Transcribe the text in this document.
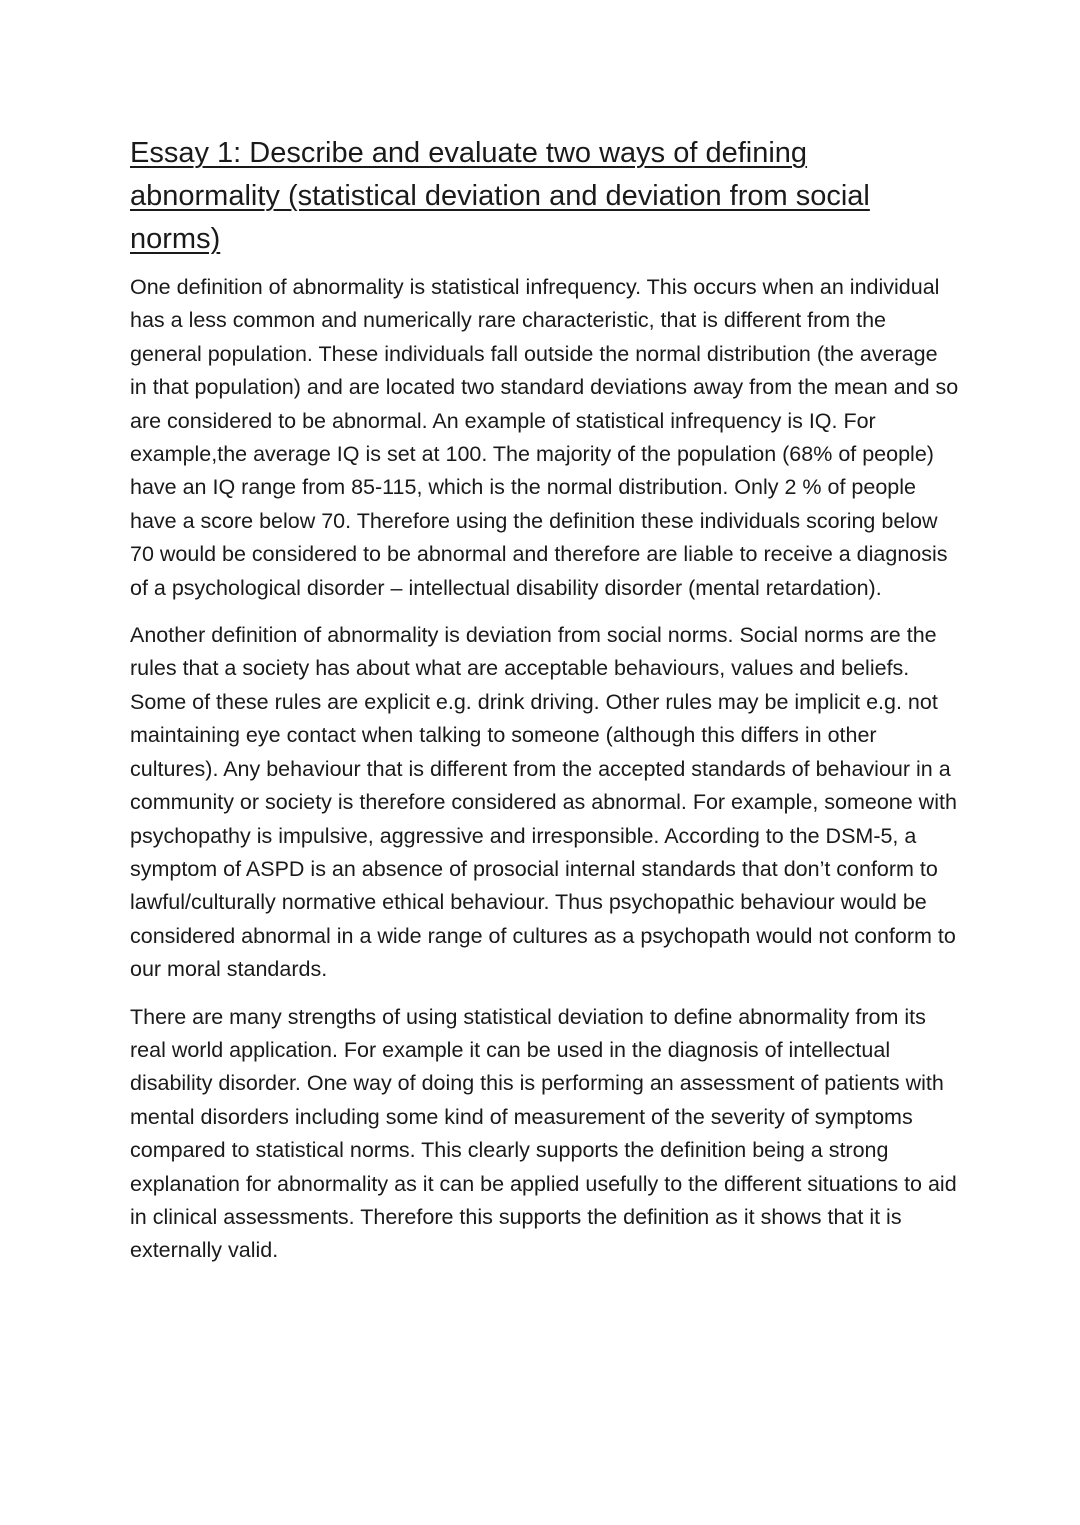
Essay 1: Describe and evaluate two ways of defining abnormality (statistical deviation and deviation from social norms)

One definition of abnormality is statistical infrequency. This occurs when an individual has a less common and numerically rare characteristic, that is different from the general population. These individuals fall outside the normal distribution (the average in that population) and are located two standard deviations away from the mean and so are considered to be abnormal. An example of statistical infrequency is IQ. For example,the average IQ is set at 100. The majority of the population (68% of people) have an IQ range from 85-115, which is the normal distribution. Only 2 % of people have a score below 70. Therefore using the definition these individuals scoring below 70 would be considered to be abnormal and therefore are liable to receive a diagnosis of a psychological disorder – intellectual disability disorder (mental retardation).

Another definition of abnormality is deviation from social norms. Social norms are the rules that a society has about what are acceptable behaviours, values and beliefs. Some of these rules are explicit e.g. drink driving. Other rules may be implicit e.g. not maintaining eye contact when talking to someone (although this differs in other cultures). Any behaviour that is different from the accepted standards of behaviour in a community or society is therefore considered as abnormal. For example, someone with psychopathy is impulsive, aggressive and irresponsible. According to the DSM-5, a symptom of ASPD is an absence of prosocial internal standards that don’t conform to lawful/culturally normative ethical behaviour. Thus psychopathic behaviour would be considered abnormal in a wide range of cultures as a psychopath would not conform to our moral standards.

There are many strengths of using statistical deviation to define abnormality from its real world application. For example it can be used in the diagnosis of intellectual disability disorder. One way of doing this is performing an assessment of patients with mental disorders including some kind of measurement of the severity of symptoms compared to statistical norms. This clearly supports the definition being a strong explanation for abnormality as it can be applied usefully to the different situations to aid in clinical assessments. Therefore this supports the definition as it shows that it is externally valid.
